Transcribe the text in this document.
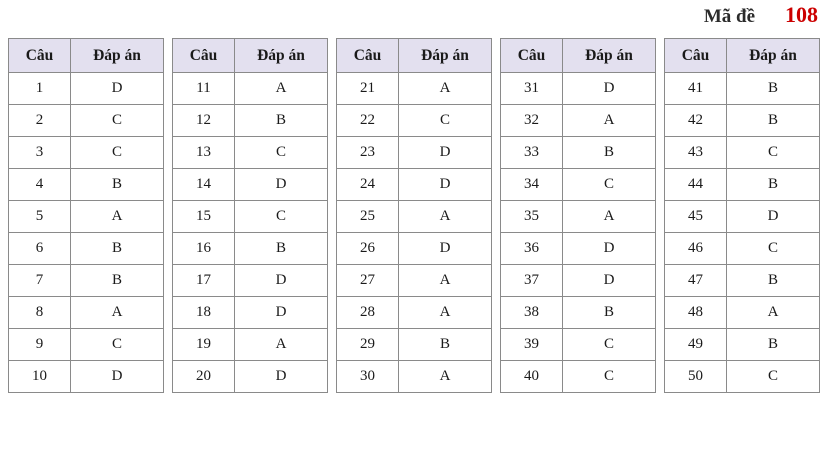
Mã đề 108
Câu	Đáp án
1	D
2	C
3	C
4	B
5	A
6	B
7	B
8	A
9	C
10	D
Câu	Đáp án
11	A
12	B
13	C
14	D
15	C
16	B
17	D
18	D
19	A
20	D
Câu	Đáp án
21	A
22	C
23	D
24	D
25	A
26	D
27	A
28	A
29	B
30	A
Câu	Đáp án
31	D
32	A
33	B
34	C
35	A
36	D
37	D
38	B
39	C
40	C
Câu	Đáp án
41	B
42	B
43	C
44	B
45	D
46	C
47	B
48	A
49	B
50	C
